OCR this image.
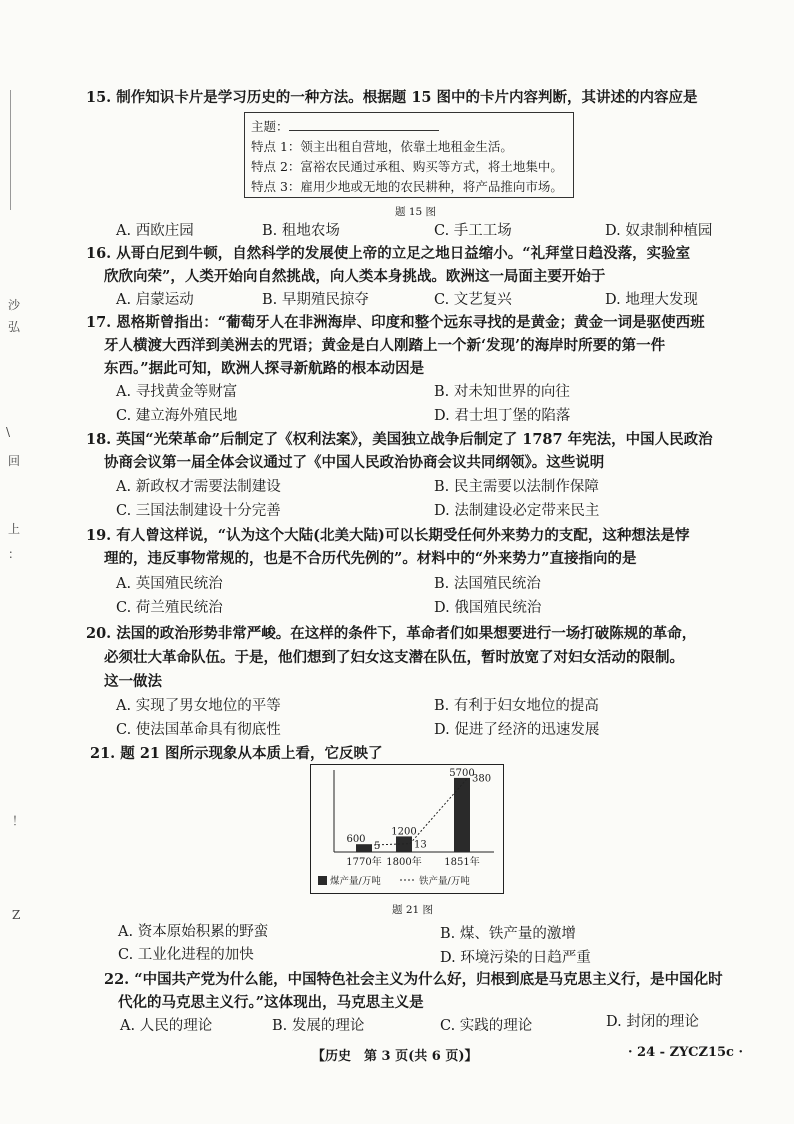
沙
弘
\
回
上
：
！
Z
15. 制作知识卡片是学习历史的一种方法。根据题 15 图中的卡片内容判断，其讲述的内容应是
主题：
特点 1：领主出租自营地，依靠土地租金生活。
特点 2：富裕农民通过承租、购买等方式，将土地集中。
特点 3：雇用少地或无地的农民耕种，将产品推向市场。
题 15 图
A. 西欧庄园	B. 租地农场	C. 手工工场	D. 奴隶制种植园
16. 从哥白尼到牛顿，自然科学的发展使上帝的立足之地日益缩小。“礼拜堂日趋没落，实验室
欣欣向荣”，人类开始向自然挑战，向人类本身挑战。欧洲这一局面主要开始于
A. 启蒙运动	B. 早期殖民掠夺	C. 文艺复兴	D. 地理大发现
17. 恩格斯曾指出：“葡萄牙人在非洲海岸、印度和整个远东寻找的是黄金；黄金一词是驱使西班
牙人横渡大西洋到美洲去的咒语；黄金是白人刚踏上一个新‘发现’的海岸时所要的第一件
东西。”据此可知，欧洲人探寻新航路的根本动因是
A. 寻找黄金等财富	B. 对未知世界的向往
C. 建立海外殖民地	D. 君士坦丁堡的陷落
18. 英国“光荣革命”后制定了《权利法案》，美国独立战争后制定了 1787 年宪法，中国人民政治
协商会议第一届全体会议通过了《中国人民政治协商会议共同纲领》。这些说明
A. 新政权才需要法制建设	B. 民主需要以法制作保障
C. 三国法制建设十分完善	D. 法制建设必定带来民主
19. 有人曾这样说，“认为这个大陆(北美大陆)可以长期受任何外来势力的支配，这种想法是悖
理的，违反事物常规的，也是不合历代先例的”。材料中的“外来势力”直接指向的是
A. 英国殖民统治	B. 法国殖民统治
C. 荷兰殖民统治	D. 俄国殖民统治
20. 法国的政治形势非常严峻。在这样的条件下，革命者们如果想要进行一场打破陈规的革命，
必须壮大革命队伍。于是，他们想到了妇女这支潜在队伍，暂时放宽了对妇女活动的限制。
这一做法
A. 实现了男女地位的平等	B. 有利于妇女地位的提高
C. 使法国革命具有彻底性	D. 促进了经济的迅速发展
21. 题 21 图所示现象从本质上看，它反映了
600
1200
5700
5	13
380
1770年 1800年 1851年
煤产量/万吨	铁产量/万吨
题 21 图
A. 资本原始积累的野蛮	B. 煤、铁产量的激增
C. 工业化进程的加快	D. 环境污染的日趋严重
22. “中国共产党为什么能，中国特色社会主义为什么好，归根到底是马克思主义行，是中国化时
代化的马克思主义行。”这体现出，马克思主义是
A. 人民的理论	B. 发展的理论	C. 实践的理论	D. 封闭的理论
【历史　第 3 页(共 6 页)】	· 24 - ZYCZ15c ·
